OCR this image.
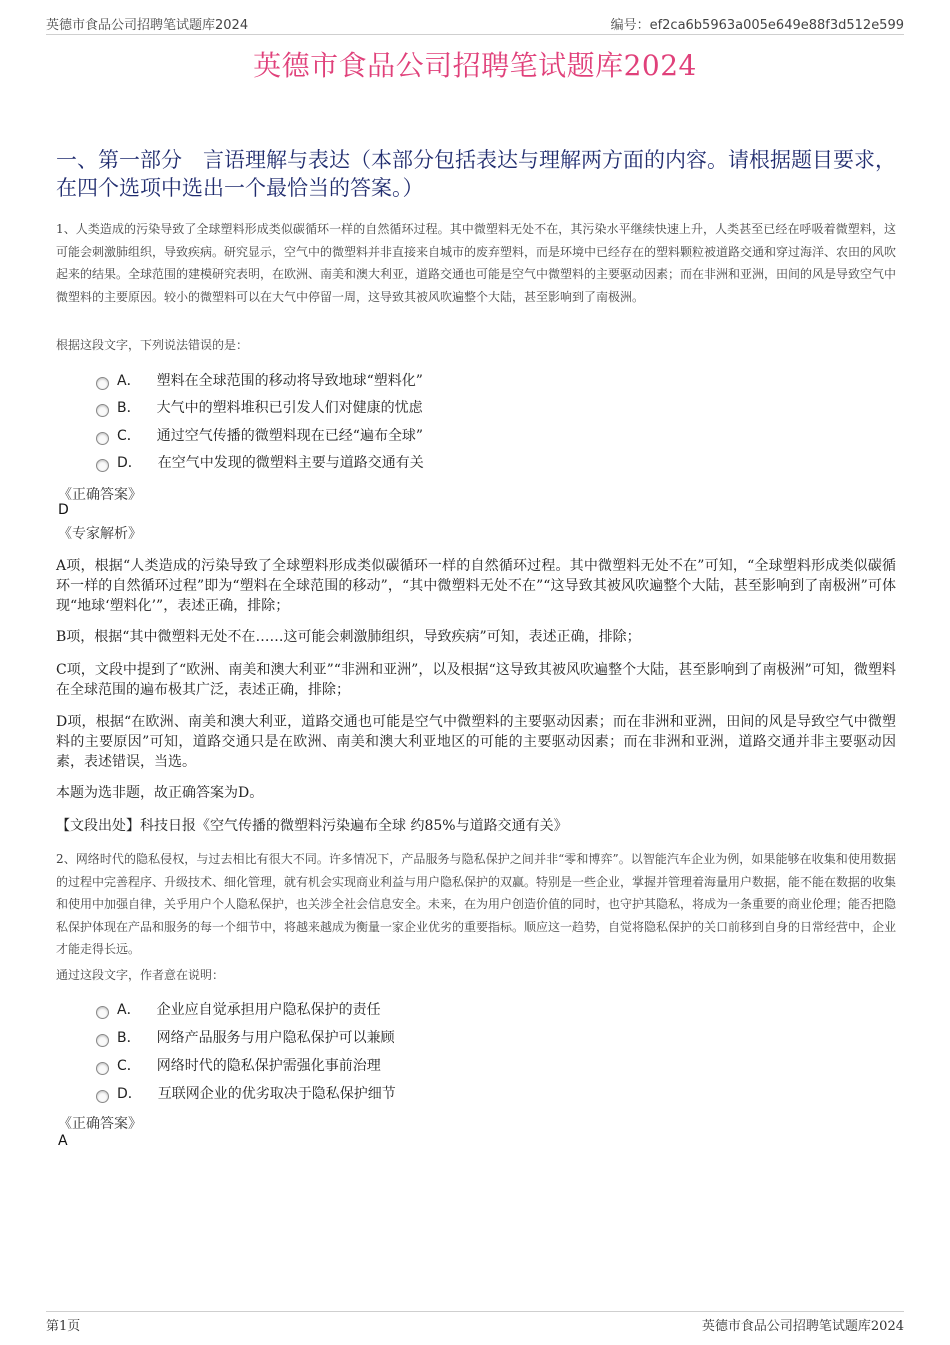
英德市食品公司招聘笔试题库2024	编号：ef2ca6b5963a005e649e88f3d512e599
英德市食品公司招聘笔试题库2024
一、第一部分　言语理解与表达（本部分包括表达与理解两方面的内容。请根据题目要求，在四个选项中选出一个最恰当的答案。）
1、人类造成的污染导致了全球塑料形成类似碳循环一样的自然循环过程。其中微塑料无处不在，其污染水平继续快速上升，人类甚至已经在呼吸着微塑料，这可能会刺激肺组织，导致疾病。研究显示，空气中的微塑料并非直接来自城市的废弃塑料，而是环境中已经存在的塑料颗粒被道路交通和穿过海洋、农田的风吹起来的结果。全球范围的建模研究表明，在欧洲、南美和澳大利亚，道路交通也可能是空气中微塑料的主要驱动因素；而在非洲和亚洲，田间的风是导致空气中微塑料的主要原因。较小的微塑料可以在大气中停留一周，这导致其被风吹遍整个大陆，甚至影响到了南极洲。
根据这段文字，下列说法错误的是：
A． 塑料在全球范围的移动将导致地球“塑料化”
B． 大气中的塑料堆积已引发人们对健康的忧虑
C． 通过空气传播的微塑料现在已经“遍布全球”
D． 在空气中发现的微塑料主要与道路交通有关
《正确答案》
D
《专家解析》
A项，根据“人类造成的污染导致了全球塑料形成类似碳循环一样的自然循环过程。其中微塑料无处不在”可知，“全球塑料形成类似碳循环一样的自然循环过程”即为“塑料在全球范围的移动”，“其中微塑料无处不在”“这导致其被风吹遍整个大陆，甚至影响到了南极洲”可体现“地球‘塑料化’”，表述正确，排除；
B项，根据“其中微塑料无处不在……这可能会刺激肺组织，导致疾病”可知，表述正确，排除；
C项，文段中提到了“欧洲、南美和澳大利亚”“非洲和亚洲”，以及根据“这导致其被风吹遍整个大陆，甚至影响到了南极洲”可知，微塑料在全球范围的遍布极其广泛，表述正确，排除；
D项，根据“在欧洲、南美和澳大利亚，道路交通也可能是空气中微塑料的主要驱动因素；而在非洲和亚洲，田间的风是导致空气中微塑料的主要原因”可知，道路交通只是在欧洲、南美和澳大利亚地区的可能的主要驱动因素；而在非洲和亚洲，道路交通并非主要驱动因素，表述错误，当选。
本题为选非题，故正确答案为D。
【文段出处】科技日报《空气传播的微塑料污染遍布全球 约85%与道路交通有关》
2、网络时代的隐私侵权，与过去相比有很大不同。许多情况下，产品服务与隐私保护之间并非“零和博弈”。以智能汽车企业为例，如果能够在收集和使用数据的过程中完善程序、升级技术、细化管理，就有机会实现商业利益与用户隐私保护的双赢。特别是一些企业，掌握并管理着海量用户数据，能不能在数据的收集和使用中加强自律，关乎用户个人隐私保护，也关涉全社会信息安全。未来，在为用户创造价值的同时，也守护其隐私，将成为一条重要的商业伦理；能否把隐私保护体现在产品和服务的每一个细节中，将越来越成为衡量一家企业优劣的重要指标。顺应这一趋势，自觉将隐私保护的关口前移到自身的日常经营中，企业才能走得长远。
通过这段文字，作者意在说明：
A． 企业应自觉承担用户隐私保护的责任
B． 网络产品服务与用户隐私保护可以兼顾
C． 网络时代的隐私保护需强化事前治理
D． 互联网企业的优劣取决于隐私保护细节
《正确答案》
A
第1页	英德市食品公司招聘笔试题库2024
